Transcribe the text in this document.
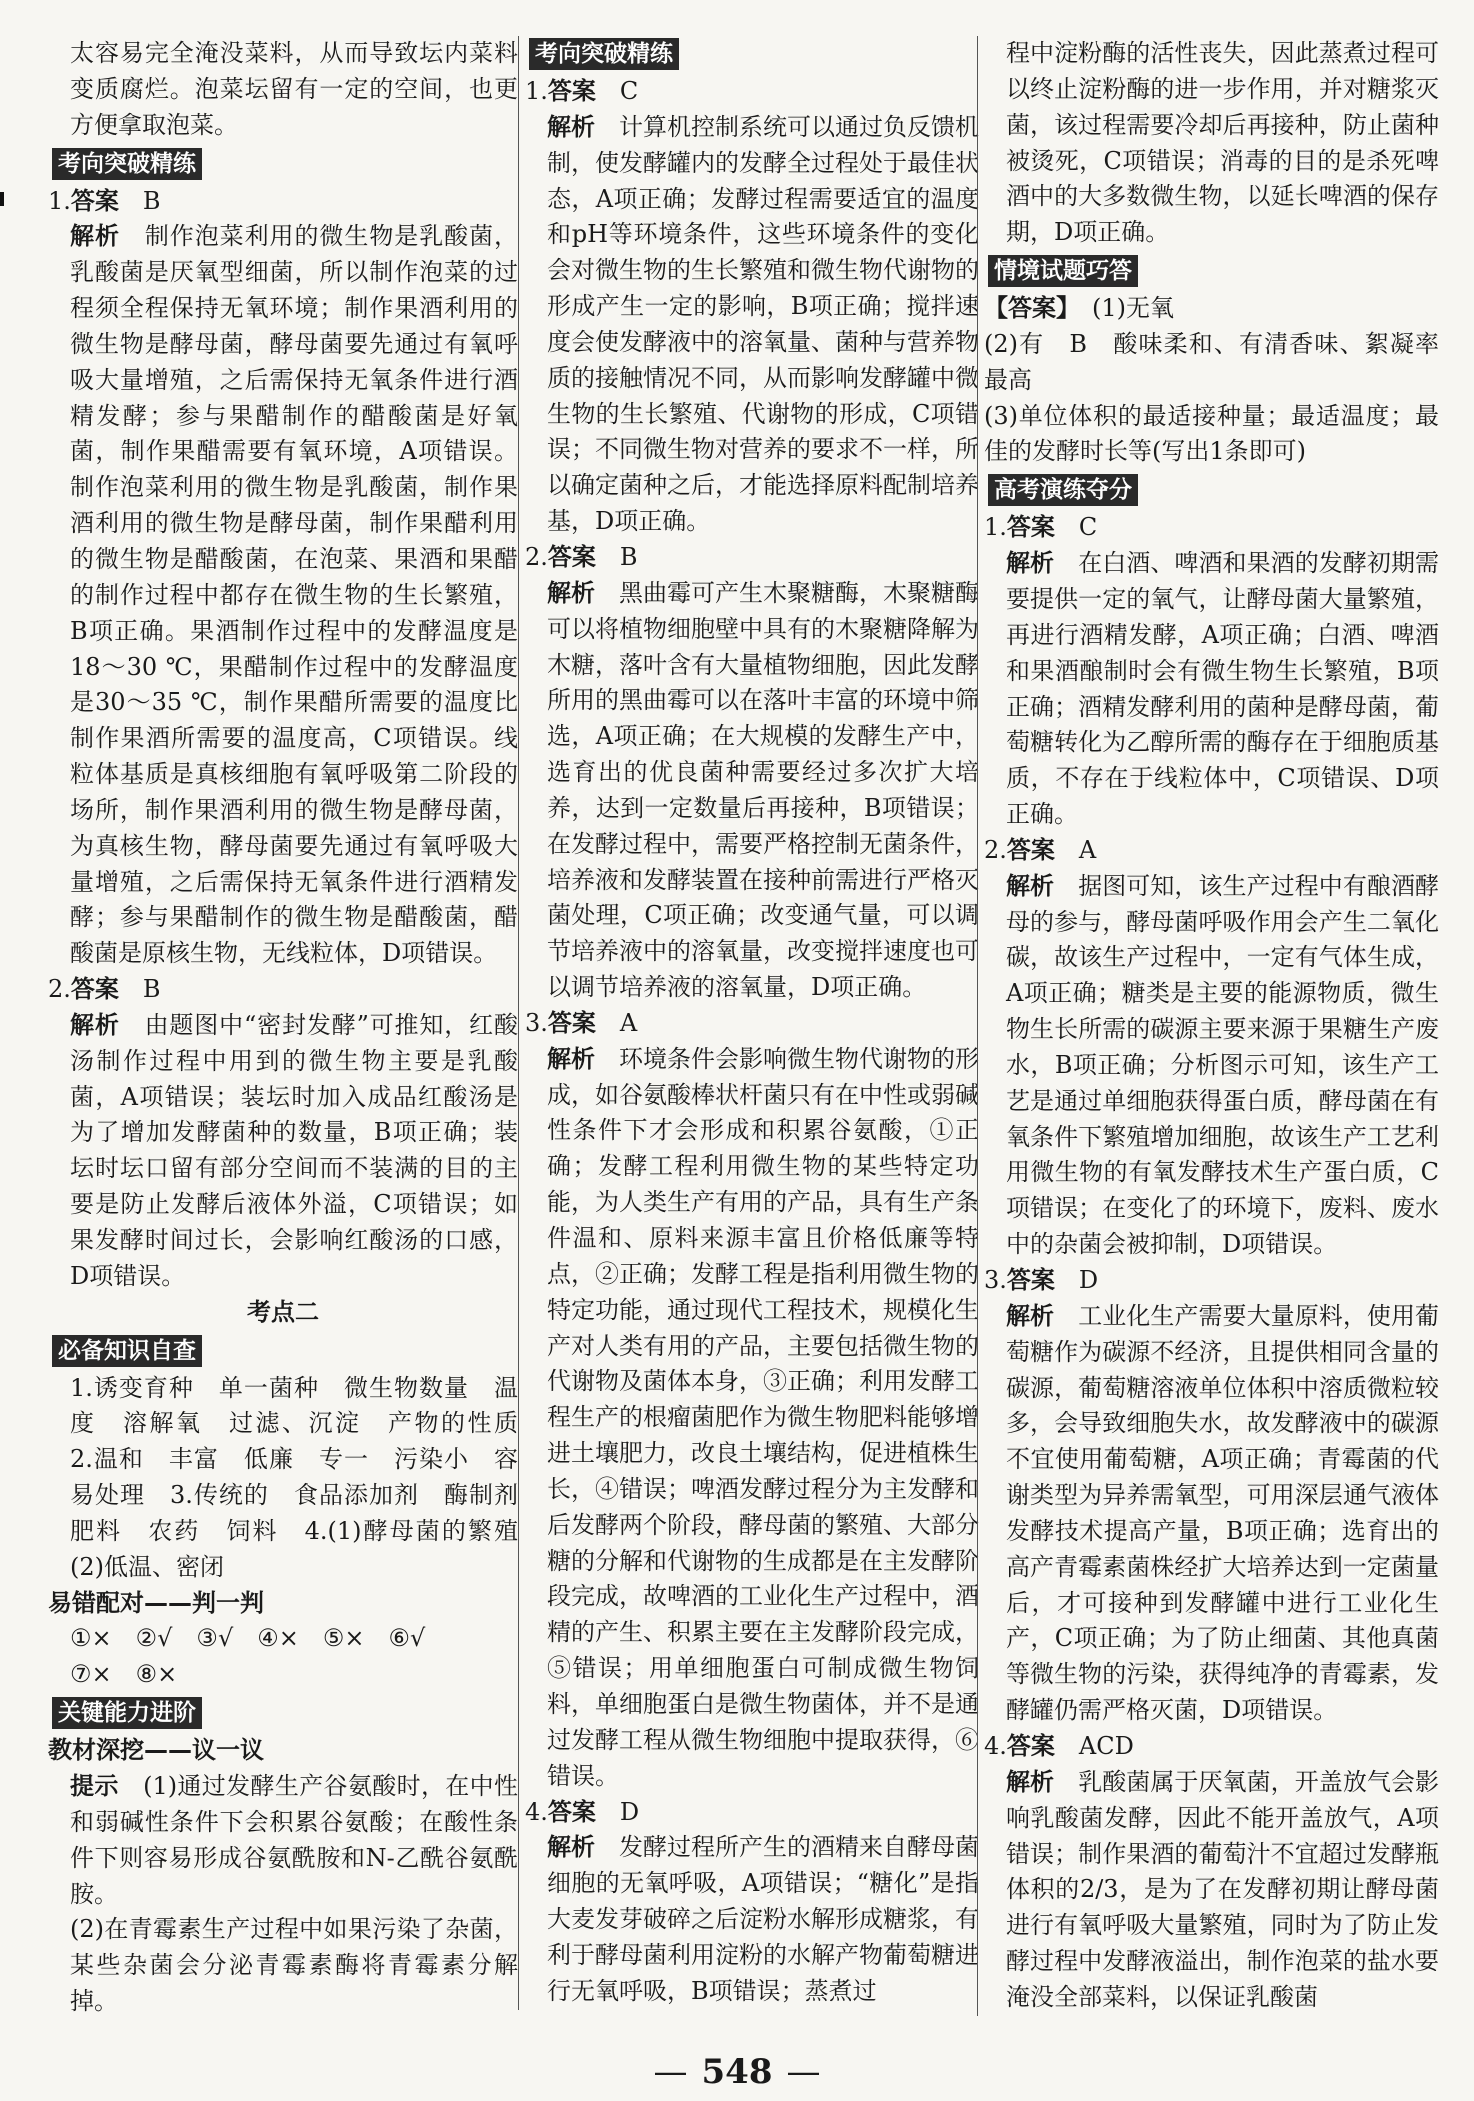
太容易完全淹没菜料，从而导致坛内菜料变质腐烂。泡菜坛留有一定的空间，也更方便拿取泡菜。

考向突破精练

1.答案　 B

解析　 制作泡菜利用的微生物是乳酸菌，乳酸菌是厌氧型细菌，所以制作泡菜的过程须全程保持无氧环境；制作果酒利用的微生物是酵母菌，酵母菌要先通过有氧呼吸大量增殖，之后需保持无氧条件进行酒精发酵；参与果醋制作的醋酸菌是好氧菌，制作果醋需要有氧环境，A项错误。制作泡菜利用的微生物是乳酸菌，制作果酒利用的微生物是酵母菌，制作果醋利用的微生物是醋酸菌，在泡菜、果酒和果醋的制作过程中都存在微生物的生长繁殖，B项正确。果酒制作过程中的发酵温度是18～30 ℃，果醋制作过程中的发酵温度是30～35 ℃，制作果醋所需要的温度比制作果酒所需要的温度高，C项错误。线粒体基质是真核细胞有氧呼吸第二阶段的场所，制作果酒利用的微生物是酵母菌，为真核生物，酵母菌要先通过有氧呼吸大量增殖，之后需保持无氧条件进行酒精发酵；参与果醋制作的微生物是醋酸菌，醋酸菌是原核生物，无线粒体，D项错误。

2.答案　 B

解析　 由题图中“密封发酵”可推知，红酸汤制作过程中用到的微生物主要是乳酸菌，A项错误；装坛时加入成品红酸汤是为了增加发酵菌种的数量，B项正确；装坛时坛口留有部分空间而不装满的目的主要是防止发酵后液体外溢，C项错误；如果发酵时间过长，会影响红酸汤的口感，D项错误。

考点二

必备知识自查

1.诱变育种　单一菌种　微生物数量　温度　溶解氧　过滤、沉淀　产物的性质　2.温和　丰富　低廉　专一　污染小　容易处理　3.传统的　食品添加剂　酶制剂　肥料　农药　饲料　4.(1)酵母菌的繁殖　(2)低温、密闭

易错配对——判一判

①×　②√　③√　④×　⑤×　⑥√

⑦×　⑧×

关键能力进阶

教材深挖——议一议

提示　 (1)通过发酵生产谷氨酸时，在中性和弱碱性条件下会积累谷氨酸；在酸性条件下则容易形成谷氨酰胺和N-乙酰谷氨酰胺。

(2)在青霉素生产过程中如果污染了杂菌，某些杂菌会分泌青霉素酶将青霉素分解掉。

考向突破精练

1.答案　 C

解析　 计算机控制系统可以通过负反馈机制，使发酵罐内的发酵全过程处于最佳状态，A项正确；发酵过程需要适宜的温度和pH等环境条件，这些环境条件的变化会对微生物的生长繁殖和微生物代谢物的形成产生一定的影响，B项正确；搅拌速度会使发酵液中的溶氧量、菌种与营养物质的接触情况不同，从而影响发酵罐中微生物的生长繁殖、代谢物的形成，C项错误；不同微生物对营养的要求不一样，所以确定菌种之后，才能选择原料配制培养基，D项正确。

2.答案　 B

解析　 黑曲霉可产生木聚糖酶，木聚糖酶可以将植物细胞壁中具有的木聚糖降解为木糖，落叶含有大量植物细胞，因此发酵所用的黑曲霉可以在落叶丰富的环境中筛选，A项正确；在大规模的发酵生产中，选育出的优良菌种需要经过多次扩大培养，达到一定数量后再接种，B项错误；在发酵过程中，需要严格控制无菌条件，培养液和发酵装置在接种前需进行严格灭菌处理，C项正确；改变通气量，可以调节培养液中的溶氧量，改变搅拌速度也可以调节培养液的溶氧量，D项正确。

3.答案　 A

解析　 环境条件会影响微生物代谢物的形成，如谷氨酸棒状杆菌只有在中性或弱碱性条件下才会形成和积累谷氨酸，①正确；发酵工程利用微生物的某些特定功能，为人类生产有用的产品，具有生产条件温和、原料来源丰富且价格低廉等特点，②正确；发酵工程是指利用微生物的特定功能，通过现代工程技术，规模化生产对人类有用的产品，主要包括微生物的代谢物及菌体本身，③正确；利用发酵工程生产的根瘤菌肥作为微生物肥料能够增进土壤肥力，改良土壤结构，促进植株生长，④错误；啤酒发酵过程分为主发酵和后发酵两个阶段，酵母菌的繁殖、大部分糖的分解和代谢物的生成都是在主发酵阶段完成，故啤酒的工业化生产过程中，酒精的产生、积累主要在主发酵阶段完成，⑤错误；用单细胞蛋白可制成微生物饲料，单细胞蛋白是微生物菌体，并不是通过发酵工程从微生物细胞中提取获得，⑥错误。

4.答案　 D

解析　 发酵过程所产生的酒精来自酵母菌细胞的无氧呼吸，A项错误；“糖化”是指大麦发芽破碎之后淀粉水解形成糖浆，有利于酵母菌利用淀粉的水解产物葡萄糖进行无氧呼吸，B项错误；蒸煮过

程中淀粉酶的活性丧失，因此蒸煮过程可以终止淀粉酶的进一步作用，并对糖浆灭菌，该过程需要冷却后再接种，防止菌种被烫死，C项错误；消毒的目的是杀死啤酒中的大多数微生物，以延长啤酒的保存期，D项正确。

情境试题巧答

【答案】　 (1)无氧

(2)有　B　酸味柔和、有清香味、絮凝率最高

(3)单位体积的最适接种量；最适温度；最佳的发酵时长等(写出1条即可)

高考演练夺分

1.答案　 C

解析　 在白酒、啤酒和果酒的发酵初期需要提供一定的氧气，让酵母菌大量繁殖，再进行酒精发酵，A项正确；白酒、啤酒和果酒酿制时会有微生物生长繁殖，B项正确；酒精发酵利用的菌种是酵母菌，葡萄糖转化为乙醇所需的酶存在于细胞质基质，不存在于线粒体中，C项错误、D项正确。

2.答案　 A

解析　 据图可知，该生产过程中有酿酒酵母的参与，酵母菌呼吸作用会产生二氧化碳，故该生产过程中，一定有气体生成，A项正确；糖类是主要的能源物质，微生物生长所需的碳源主要来源于果糖生产废水，B项正确；分析图示可知，该生产工艺是通过单细胞获得蛋白质，酵母菌在有氧条件下繁殖增加细胞，故该生产工艺利用微生物的有氧发酵技术生产蛋白质，C项错误；在变化了的环境下，废料、废水中的杂菌会被抑制，D项错误。

3.答案　 D

解析　 工业化生产需要大量原料，使用葡萄糖作为碳源不经济，且提供相同含量的碳源，葡萄糖溶液单位体积中溶质微粒较多，会导致细胞失水，故发酵液中的碳源不宜使用葡萄糖，A项正确；青霉菌的代谢类型为异养需氧型，可用深层通气液体发酵技术提高产量，B项正确；选育出的高产青霉素菌株经扩大培养达到一定菌量后，才可接种到发酵罐中进行工业化生产，C项正确；为了防止细菌、其他真菌等微生物的污染，获得纯净的青霉素，发酵罐仍需严格灭菌，D项错误。

4.答案　 ACD

解析　 乳酸菌属于厌氧菌，开盖放气会影响乳酸菌发酵，因此不能开盖放气，A项错误；制作果酒的葡萄汁不宜超过发酵瓶体积的2/3，是为了在发酵初期让酵母菌进行有氧呼吸大量繁殖，同时为了防止发酵过程中发酵液溢出，制作泡菜的盐水要淹没全部菜料，以保证乳酸菌

— 548 —
